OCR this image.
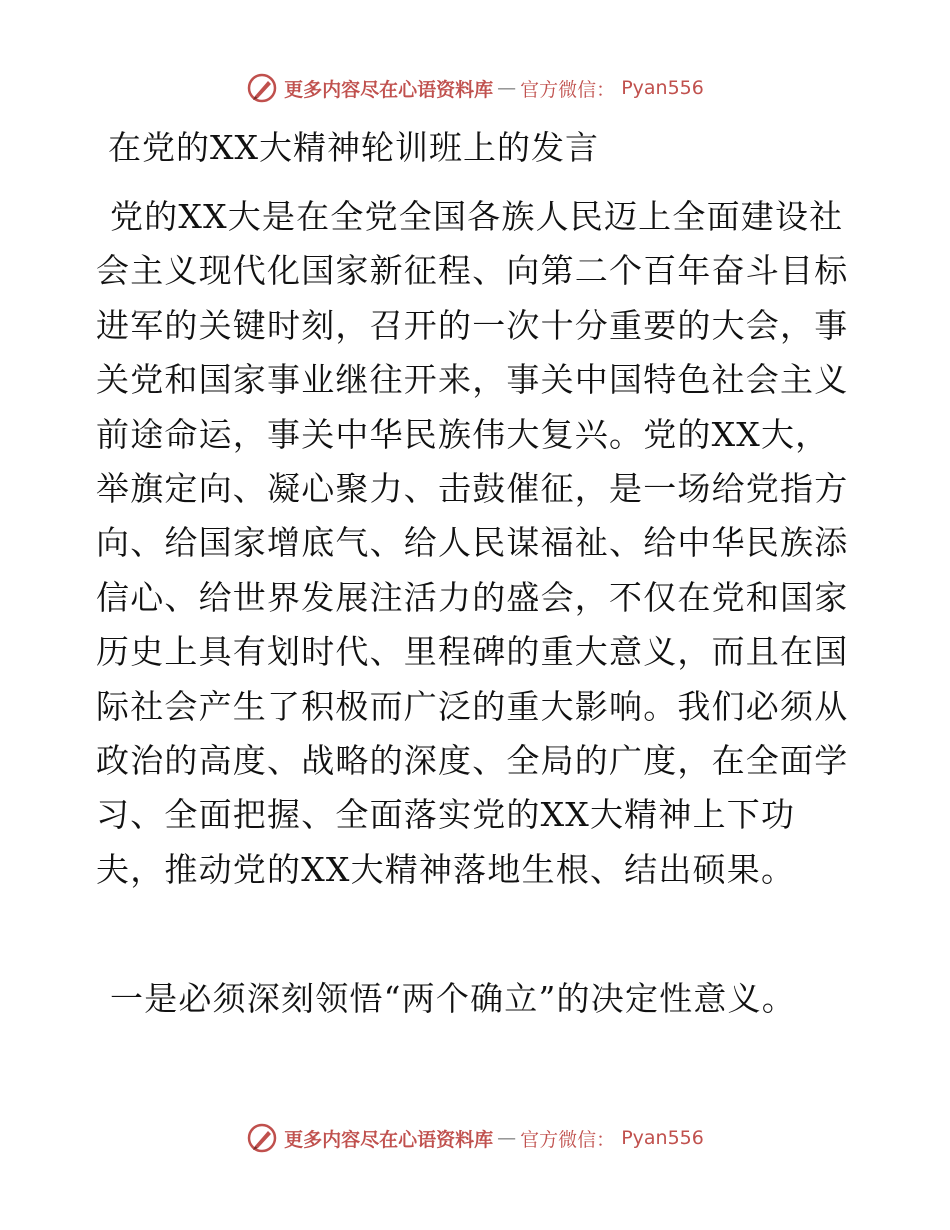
更多内容尽在心语资料库 — 官方微信： Pyan556
在党的XX大精神轮训班上的发言

党的XX大是在全党全国各族人民迈上全面建设社会主义现代化国家新征程、向第二个百年奋斗目标进军的关键时刻，召开的一次十分重要的大会，事关党和国家事业继往开来，事关中国特色社会主义前途命运，事关中华民族伟大复兴。党的XX大，举旗定向、凝心聚力、击鼓催征，是一场给党指方向、给国家增底气、给人民谋福祉、给中华民族添信心、给世界发展注活力的盛会，不仅在党和国家历史上具有划时代、里程碑的重大意义，而且在国际社会产生了积极而广泛的重大影响。我们必须从政治的高度、战略的深度、全局的广度，在全面学习、全面把握、全面落实党的XX大精神上下功夫，推动党的XX大精神落地生根、结出硕果。

一是必须深刻领悟“两个确立”的决定性意义。

更多内容尽在心语资料库 — 官方微信： Pyan556
